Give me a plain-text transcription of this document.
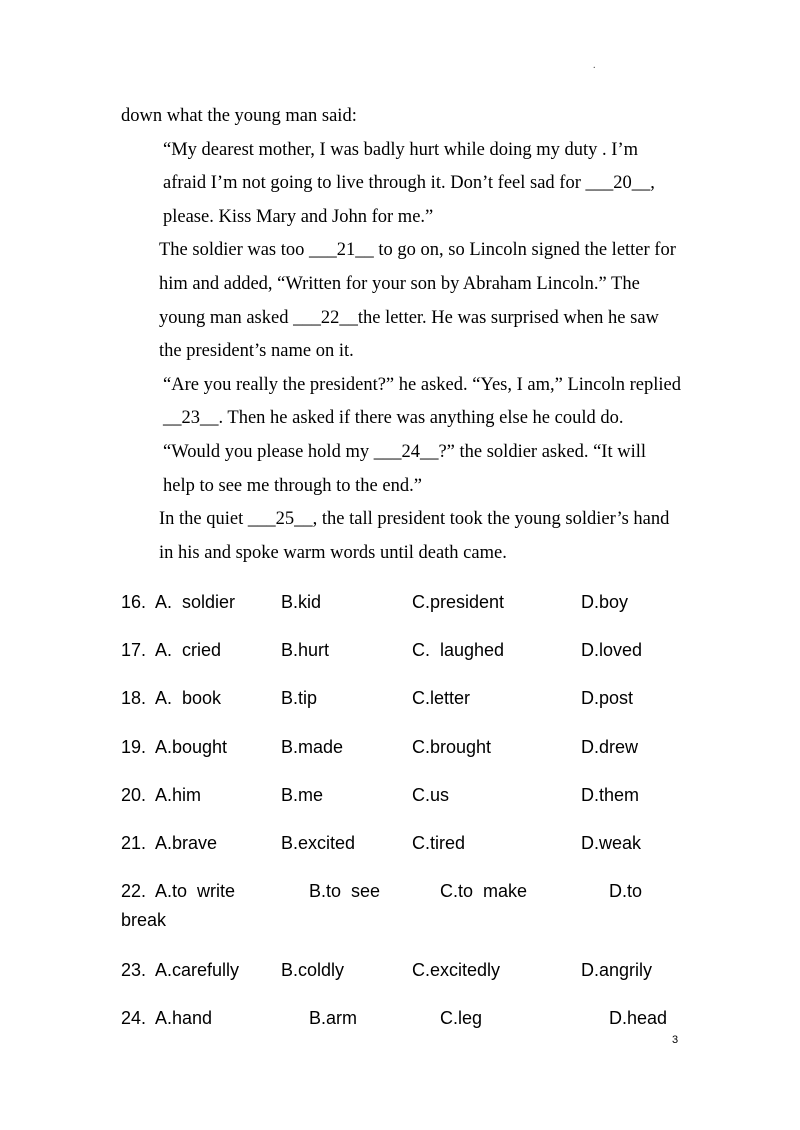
.

down what the young man said:

“My dearest mother, I was badly hurt while doing my duty . I’m afraid I’m not going to live through it. Don’t feel sad for ___20__, please. Kiss Mary and John for me.”

The soldier was too ___21__ to go on, so Lincoln signed the letter for him and added, “Written for your son by Abraham Lincoln.” The young man asked ___22__the letter. He was surprised when he saw the president’s name on it.

“Are you really the president?” he asked. “Yes, I am,” Lincoln replied __23__. Then he asked if there was anything else he could do.

“Would you please hold my ___24__?” the soldier asked. “It will help to see me through to the end.”

In the quiet ___25__, the tall president took the young soldier’s hand in his and spoke warm words until death came.

16. A.  soldier	B.kid	C.president	D.boy
17. A.  cried	B.hurt	C.  laughed	D.loved
18. A.  book	B.tip	C.letter	D.post
19. A.bought	B.made	C.brought	D.drew
20. A.him	B.me	C.us	D.them
21. A.brave	B.excited	C.tired	D.weak
22. A.to  write	B.to  see	C.to  make	D.to
break
23. A.carefully B.coldly	C.excitedly	D.angrily
24. A.hand	B.arm	C.leg	D.head
3
